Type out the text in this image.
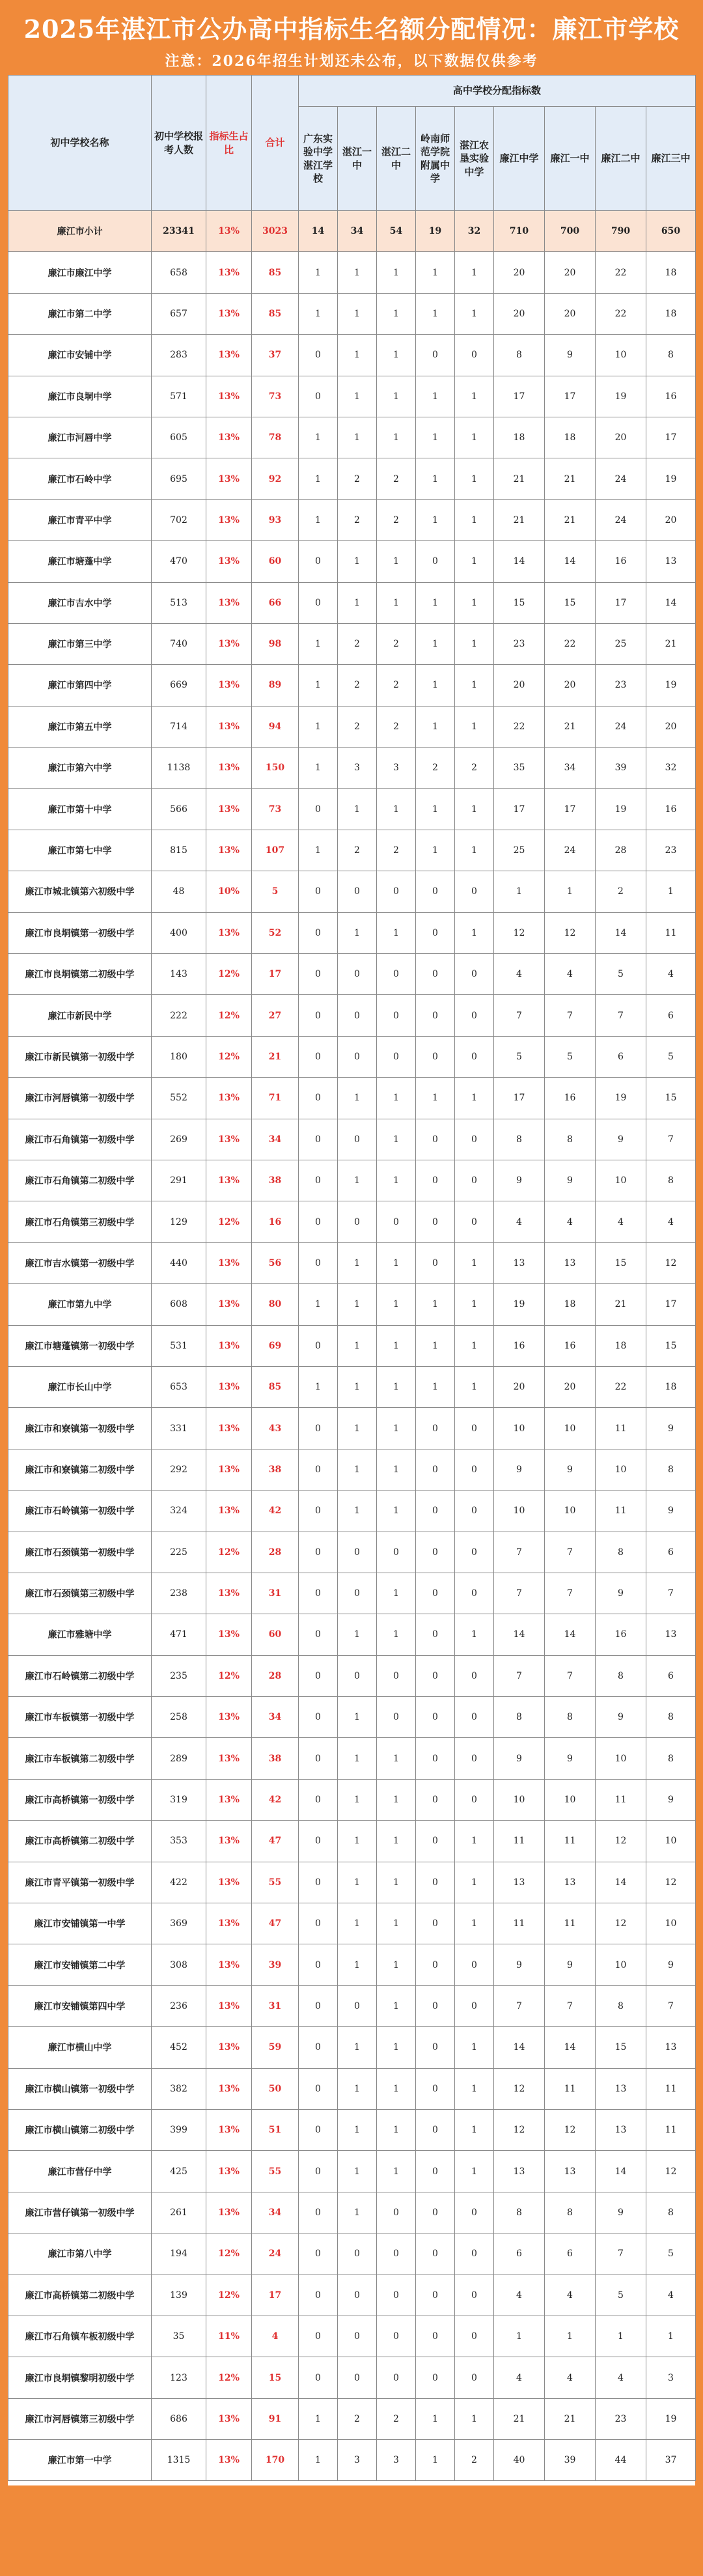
2025年湛江市公办高中指标生名额分配情况：廉江市学校
注意：2026年招生计划还未公布，以下数据仅供参考
初中学校名称	初中学校报考人数	指标生占比	合计	高中学校分配指标数								
				广东实验中学湛江学校	湛江一中	湛江二中	岭南师范学院附属中学	湛江农垦实验中学	廉江中学	廉江一中	廉江二中	廉江三中
廉江市小计	23341	13%	3023	14	34	54	19	32	710	700	790	650
廉江市廉江中学	658	13%	85	1	1	1	1	1	20	20	22	18
廉江市第二中学	657	13%	85	1	1	1	1	1	20	20	22	18
廉江市安铺中学	283	13%	37	0	1	1	0	0	8	9	10	8
廉江市良垌中学	571	13%	73	0	1	1	1	1	17	17	19	16
廉江市河唇中学	605	13%	78	1	1	1	1	1	18	18	20	17
廉江市石岭中学	695	13%	92	1	2	2	1	1	21	21	24	19
廉江市青平中学	702	13%	93	1	2	2	1	1	21	21	24	20
廉江市塘蓬中学	470	13%	60	0	1	1	0	1	14	14	16	13
廉江市吉水中学	513	13%	66	0	1	1	1	1	15	15	17	14
廉江市第三中学	740	13%	98	1	2	2	1	1	23	22	25	21
廉江市第四中学	669	13%	89	1	2	2	1	1	20	20	23	19
廉江市第五中学	714	13%	94	1	2	2	1	1	22	21	24	20
廉江市第六中学	1138	13%	150	1	3	3	2	2	35	34	39	32
廉江市第十中学	566	13%	73	0	1	1	1	1	17	17	19	16
廉江市第七中学	815	13%	107	1	2	2	1	1	25	24	28	23
廉江市城北镇第六初级中学	48	10%	5	0	0	0	0	0	1	1	2	1
廉江市良垌镇第一初级中学	400	13%	52	0	1	1	0	1	12	12	14	11
廉江市良垌镇第二初级中学	143	12%	17	0	0	0	0	0	4	4	5	4
廉江市新民中学	222	12%	27	0	0	0	0	0	7	7	7	6
廉江市新民镇第一初级中学	180	12%	21	0	0	0	0	0	5	5	6	5
廉江市河唇镇第一初级中学	552	13%	71	0	1	1	1	1	17	16	19	15
廉江市石角镇第一初级中学	269	13%	34	0	0	1	0	0	8	8	9	7
廉江市石角镇第二初级中学	291	13%	38	0	1	1	0	0	9	9	10	8
廉江市石角镇第三初级中学	129	12%	16	0	0	0	0	0	4	4	4	4
廉江市吉水镇第一初级中学	440	13%	56	0	1	1	0	1	13	13	15	12
廉江市第九中学	608	13%	80	1	1	1	1	1	19	18	21	17
廉江市塘蓬镇第一初级中学	531	13%	69	0	1	1	1	1	16	16	18	15
廉江市长山中学	653	13%	85	1	1	1	1	1	20	20	22	18
廉江市和寮镇第一初级中学	331	13%	43	0	1	1	0	0	10	10	11	9
廉江市和寮镇第二初级中学	292	13%	38	0	1	1	0	0	9	9	10	8
廉江市石岭镇第一初级中学	324	13%	42	0	1	1	0	0	10	10	11	9
廉江市石颈镇第一初级中学	225	12%	28	0	0	0	0	0	7	7	8	6
廉江市石颈镇第三初级中学	238	13%	31	0	0	1	0	0	7	7	9	7
廉江市雅塘中学	471	13%	60	0	1	1	0	1	14	14	16	13
廉江市石岭镇第二初级中学	235	12%	28	0	0	0	0	0	7	7	8	6
廉江市车板镇第一初级中学	258	13%	34	0	1	0	0	0	8	8	9	8
廉江市车板镇第二初级中学	289	13%	38	0	1	1	0	0	9	9	10	8
廉江市高桥镇第一初级中学	319	13%	42	0	1	1	0	0	10	10	11	9
廉江市高桥镇第二初级中学	353	13%	47	0	1	1	0	1	11	11	12	10
廉江市青平镇第一初级中学	422	13%	55	0	1	1	0	1	13	13	14	12
廉江市安铺镇第一中学	369	13%	47	0	1	1	0	1	11	11	12	10
廉江市安铺镇第二中学	308	13%	39	0	1	1	0	0	9	9	10	9
廉江市安铺镇第四中学	236	13%	31	0	0	1	0	0	7	7	8	7
廉江市横山中学	452	13%	59	0	1	1	0	1	14	14	15	13
廉江市横山镇第一初级中学	382	13%	50	0	1	1	0	1	12	11	13	11
廉江市横山镇第二初级中学	399	13%	51	0	1	1	0	1	12	12	13	11
廉江市营仔中学	425	13%	55	0	1	1	0	1	13	13	14	12
廉江市营仔镇第一初级中学	261	13%	34	0	1	0	0	0	8	8	9	8
廉江市第八中学	194	12%	24	0	0	0	0	0	6	6	7	5
廉江市高桥镇第二初级中学	139	12%	17	0	0	0	0	0	4	4	5	4
廉江市石角镇车板初级中学	35	11%	4	0	0	0	0	0	1	1	1	1
廉江市良垌镇黎明初级中学	123	12%	15	0	0	0	0	0	4	4	4	3
廉江市河唇镇第三初级中学	686	13%	91	1	2	2	1	1	21	21	23	19
廉江市第一中学	1315	13%	170	1	3	3	1	2	40	39	44	37
